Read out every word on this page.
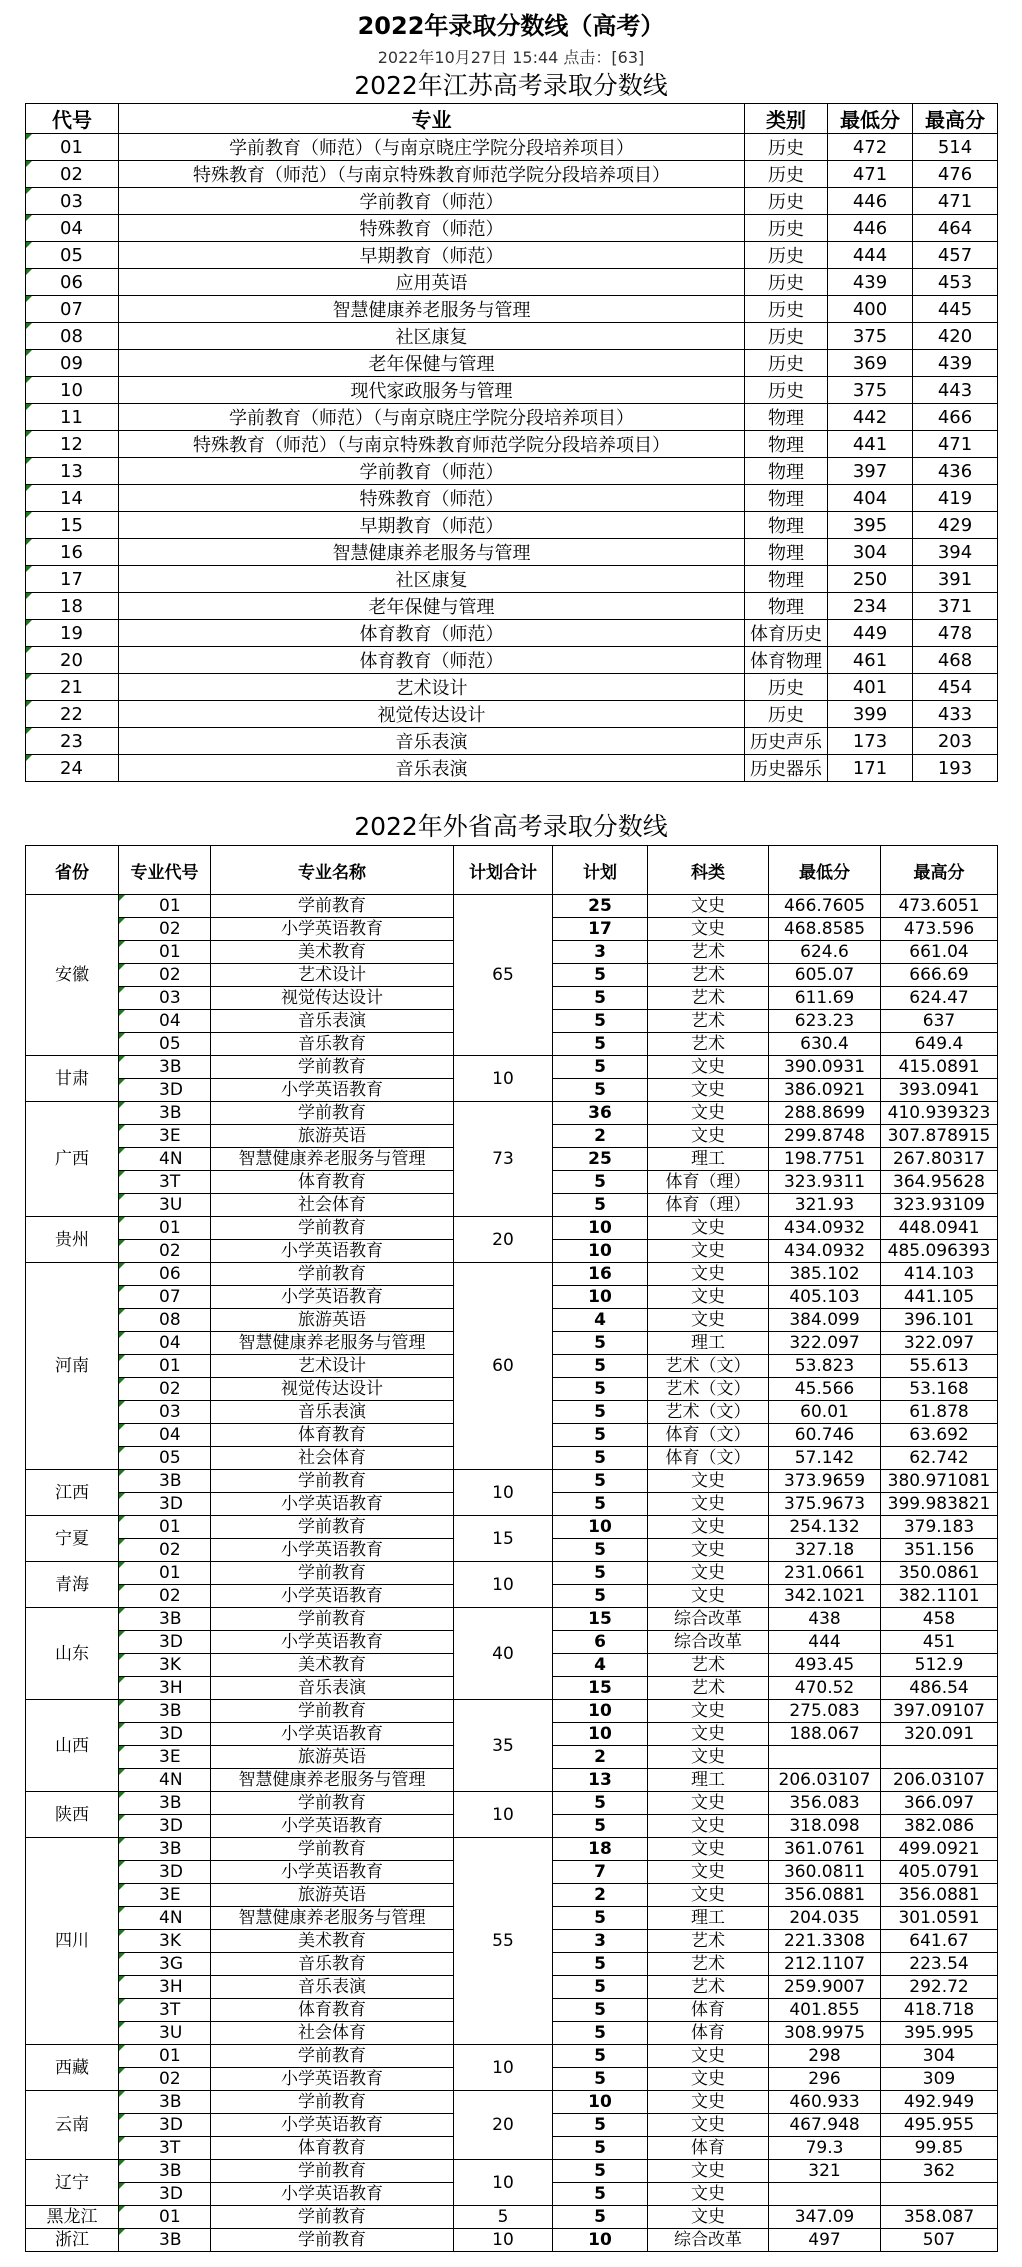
2022年录取分数线（高考）
2022年10月27日 15:44 点击：[63]
2022年江苏高考录取分数线
代号	专业	类别	最低分	最高分
01	学前教育（师范）（与南京晓庄学院分段培养项目）	历史	472	514
02	特殊教育（师范）（与南京特殊教育师范学院分段培养项目）	历史	471	476
03	学前教育（师范）	历史	446	471
04	特殊教育（师范）	历史	446	464
05	早期教育（师范）	历史	444	457
06	应用英语	历史	439	453
07	智慧健康养老服务与管理	历史	400	445
08	社区康复	历史	375	420
09	老年保健与管理	历史	369	439
10	现代家政服务与管理	历史	375	443
11	学前教育（师范）（与南京晓庄学院分段培养项目）	物理	442	466
12	特殊教育（师范）（与南京特殊教育师范学院分段培养项目）	物理	441	471
13	学前教育（师范）	物理	397	436
14	特殊教育（师范）	物理	404	419
15	早期教育（师范）	物理	395	429
16	智慧健康养老服务与管理	物理	304	394
17	社区康复	物理	250	391
18	老年保健与管理	物理	234	371
19	体育教育（师范）	体育历史	449	478
20	体育教育（师范）	体育物理	461	468
21	艺术设计	历史	401	454
22	视觉传达设计	历史	399	433
23	音乐表演	历史声乐	173	203
24	音乐表演	历史器乐	171	193
2022年外省高考录取分数线
省份	专业代号	专业名称	计划合计	计划	科类	最低分	最高分
安徽	01	学前教育	65	25	文史	466.7605	473.6051
	02	小学英语教育		17	文史	468.8585	473.596
	01	美术教育		3	艺术	624.6	661.04
	02	艺术设计		5	艺术	605.07	666.69
	03	视觉传达设计		5	艺术	611.69	624.47
	04	音乐表演		5	艺术	623.23	637
	05	音乐教育		5	艺术	630.4	649.4
甘肃	3B	学前教育	10	5	文史	390.0931	415.0891
	3D	小学英语教育		5	文史	386.0921	393.0941
广西	3B	学前教育	73	36	文史	288.8699	410.939323
	3E	旅游英语		2	文史	299.8748	307.878915
	4N	智慧健康养老服务与管理		25	理工	198.7751	267.80317
	3T	体育教育		5	体育（理）	323.9311	364.95628
	3U	社会体育		5	体育（理）	321.93	323.93109
贵州	01	学前教育	20	10	文史	434.0932	448.0941
	02	小学英语教育		10	文史	434.0932	485.096393
河南	06	学前教育	60	16	文史	385.102	414.103
	07	小学英语教育		10	文史	405.103	441.105
	08	旅游英语		4	文史	384.099	396.101
	04	智慧健康养老服务与管理		5	理工	322.097	322.097
	01	艺术设计		5	艺术（文）	53.823	55.613
	02	视觉传达设计		5	艺术（文）	45.566	53.168
	03	音乐表演		5	艺术（文）	60.01	61.878
	04	体育教育		5	体育（文）	60.746	63.692
	05	社会体育		5	体育（文）	57.142	62.742
江西	3B	学前教育	10	5	文史	373.9659	380.971081
	3D	小学英语教育		5	文史	375.9673	399.983821
宁夏	01	学前教育	15	10	文史	254.132	379.183
	02	小学英语教育		5	文史	327.18	351.156
青海	01	学前教育	10	5	文史	231.0661	350.0861
	02	小学英语教育		5	文史	342.1021	382.1101
山东	3B	学前教育	40	15	综合改革	438	458
	3D	小学英语教育		6	综合改革	444	451
	3K	美术教育		4	艺术	493.45	512.9
	3H	音乐表演		15	艺术	470.52	486.54
山西	3B	学前教育	35	10	文史	275.083	397.09107
	3D	小学英语教育		10	文史	188.067	320.091
	3E	旅游英语		2	文史		
	4N	智慧健康养老服务与管理		13	理工	206.03107	206.03107
陕西	3B	学前教育	10	5	文史	356.083	366.097
	3D	小学英语教育		5	文史	318.098	382.086
四川	3B	学前教育	55	18	文史	361.0761	499.0921
	3D	小学英语教育		7	文史	360.0811	405.0791
	3E	旅游英语		2	文史	356.0881	356.0881
	4N	智慧健康养老服务与管理		5	理工	204.035	301.0591
	3K	美术教育		3	艺术	221.3308	641.67
	3G	音乐教育		5	艺术	212.1107	223.54
	3H	音乐表演		5	艺术	259.9007	292.72
	3T	体育教育		5	体育	401.855	418.718
	3U	社会体育		5	体育	308.9975	395.995
西藏	01	学前教育	10	5	文史	298	304
	02	小学英语教育		5	文史	296	309
云南	3B	学前教育	20	10	文史	460.933	492.949
	3D	小学英语教育		5	文史	467.948	495.955
	3T	体育教育		5	体育	79.3	99.85
辽宁	3B	学前教育	10	5	文史	321	362
	3D	小学英语教育		5	文史		
黑龙江	01	学前教育	5	5	文史	347.09	358.087
浙江	3B	学前教育	10	10	综合改革	497	507
